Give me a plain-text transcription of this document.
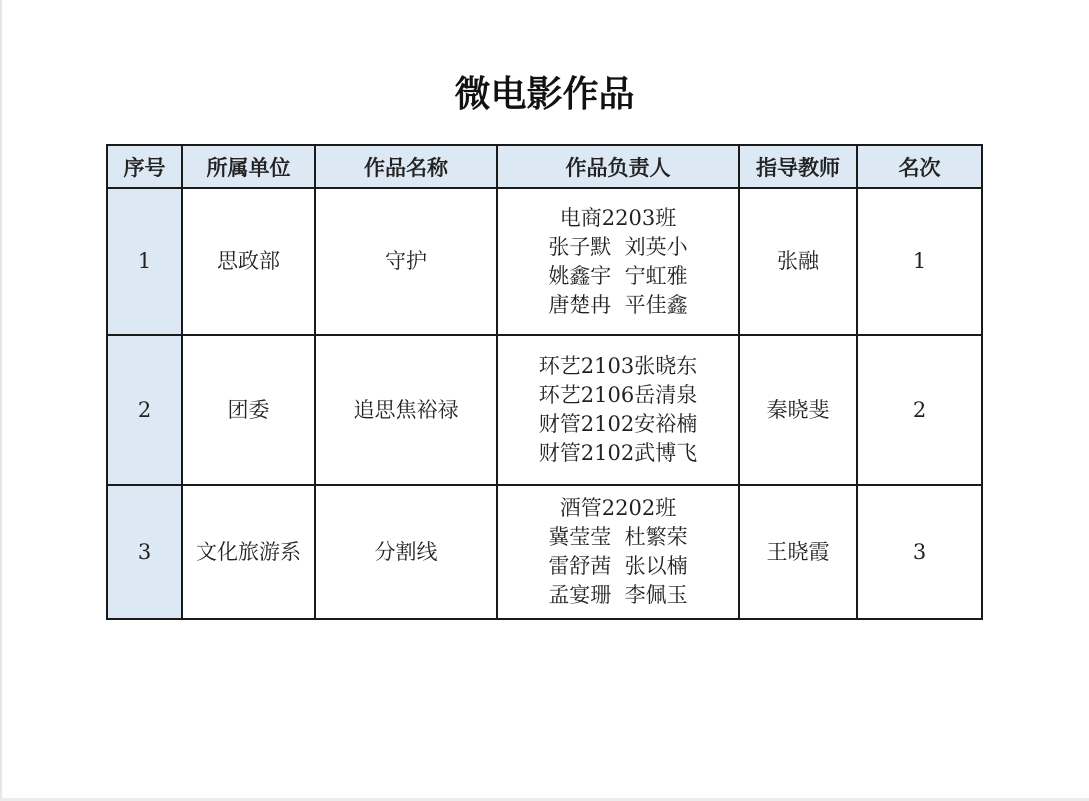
微电影作品
序号	所属单位	作品名称	作品负责人	指导教师	名次
1	思政部	守护	电商2203班
张子默  刘英小
姚鑫宇  宁虹雅
唐楚冉  平佳鑫	张融	1
2	团委	追思焦裕禄	环艺2103张晓东
环艺2106岳清泉
财管2102安裕楠
财管2102武博飞	秦晓斐	2
3	文化旅游系	分割线	酒管2202班
冀莹莹  杜繁荣
雷舒茜  张以楠
孟宴珊  李佩玉	王晓霞	3
